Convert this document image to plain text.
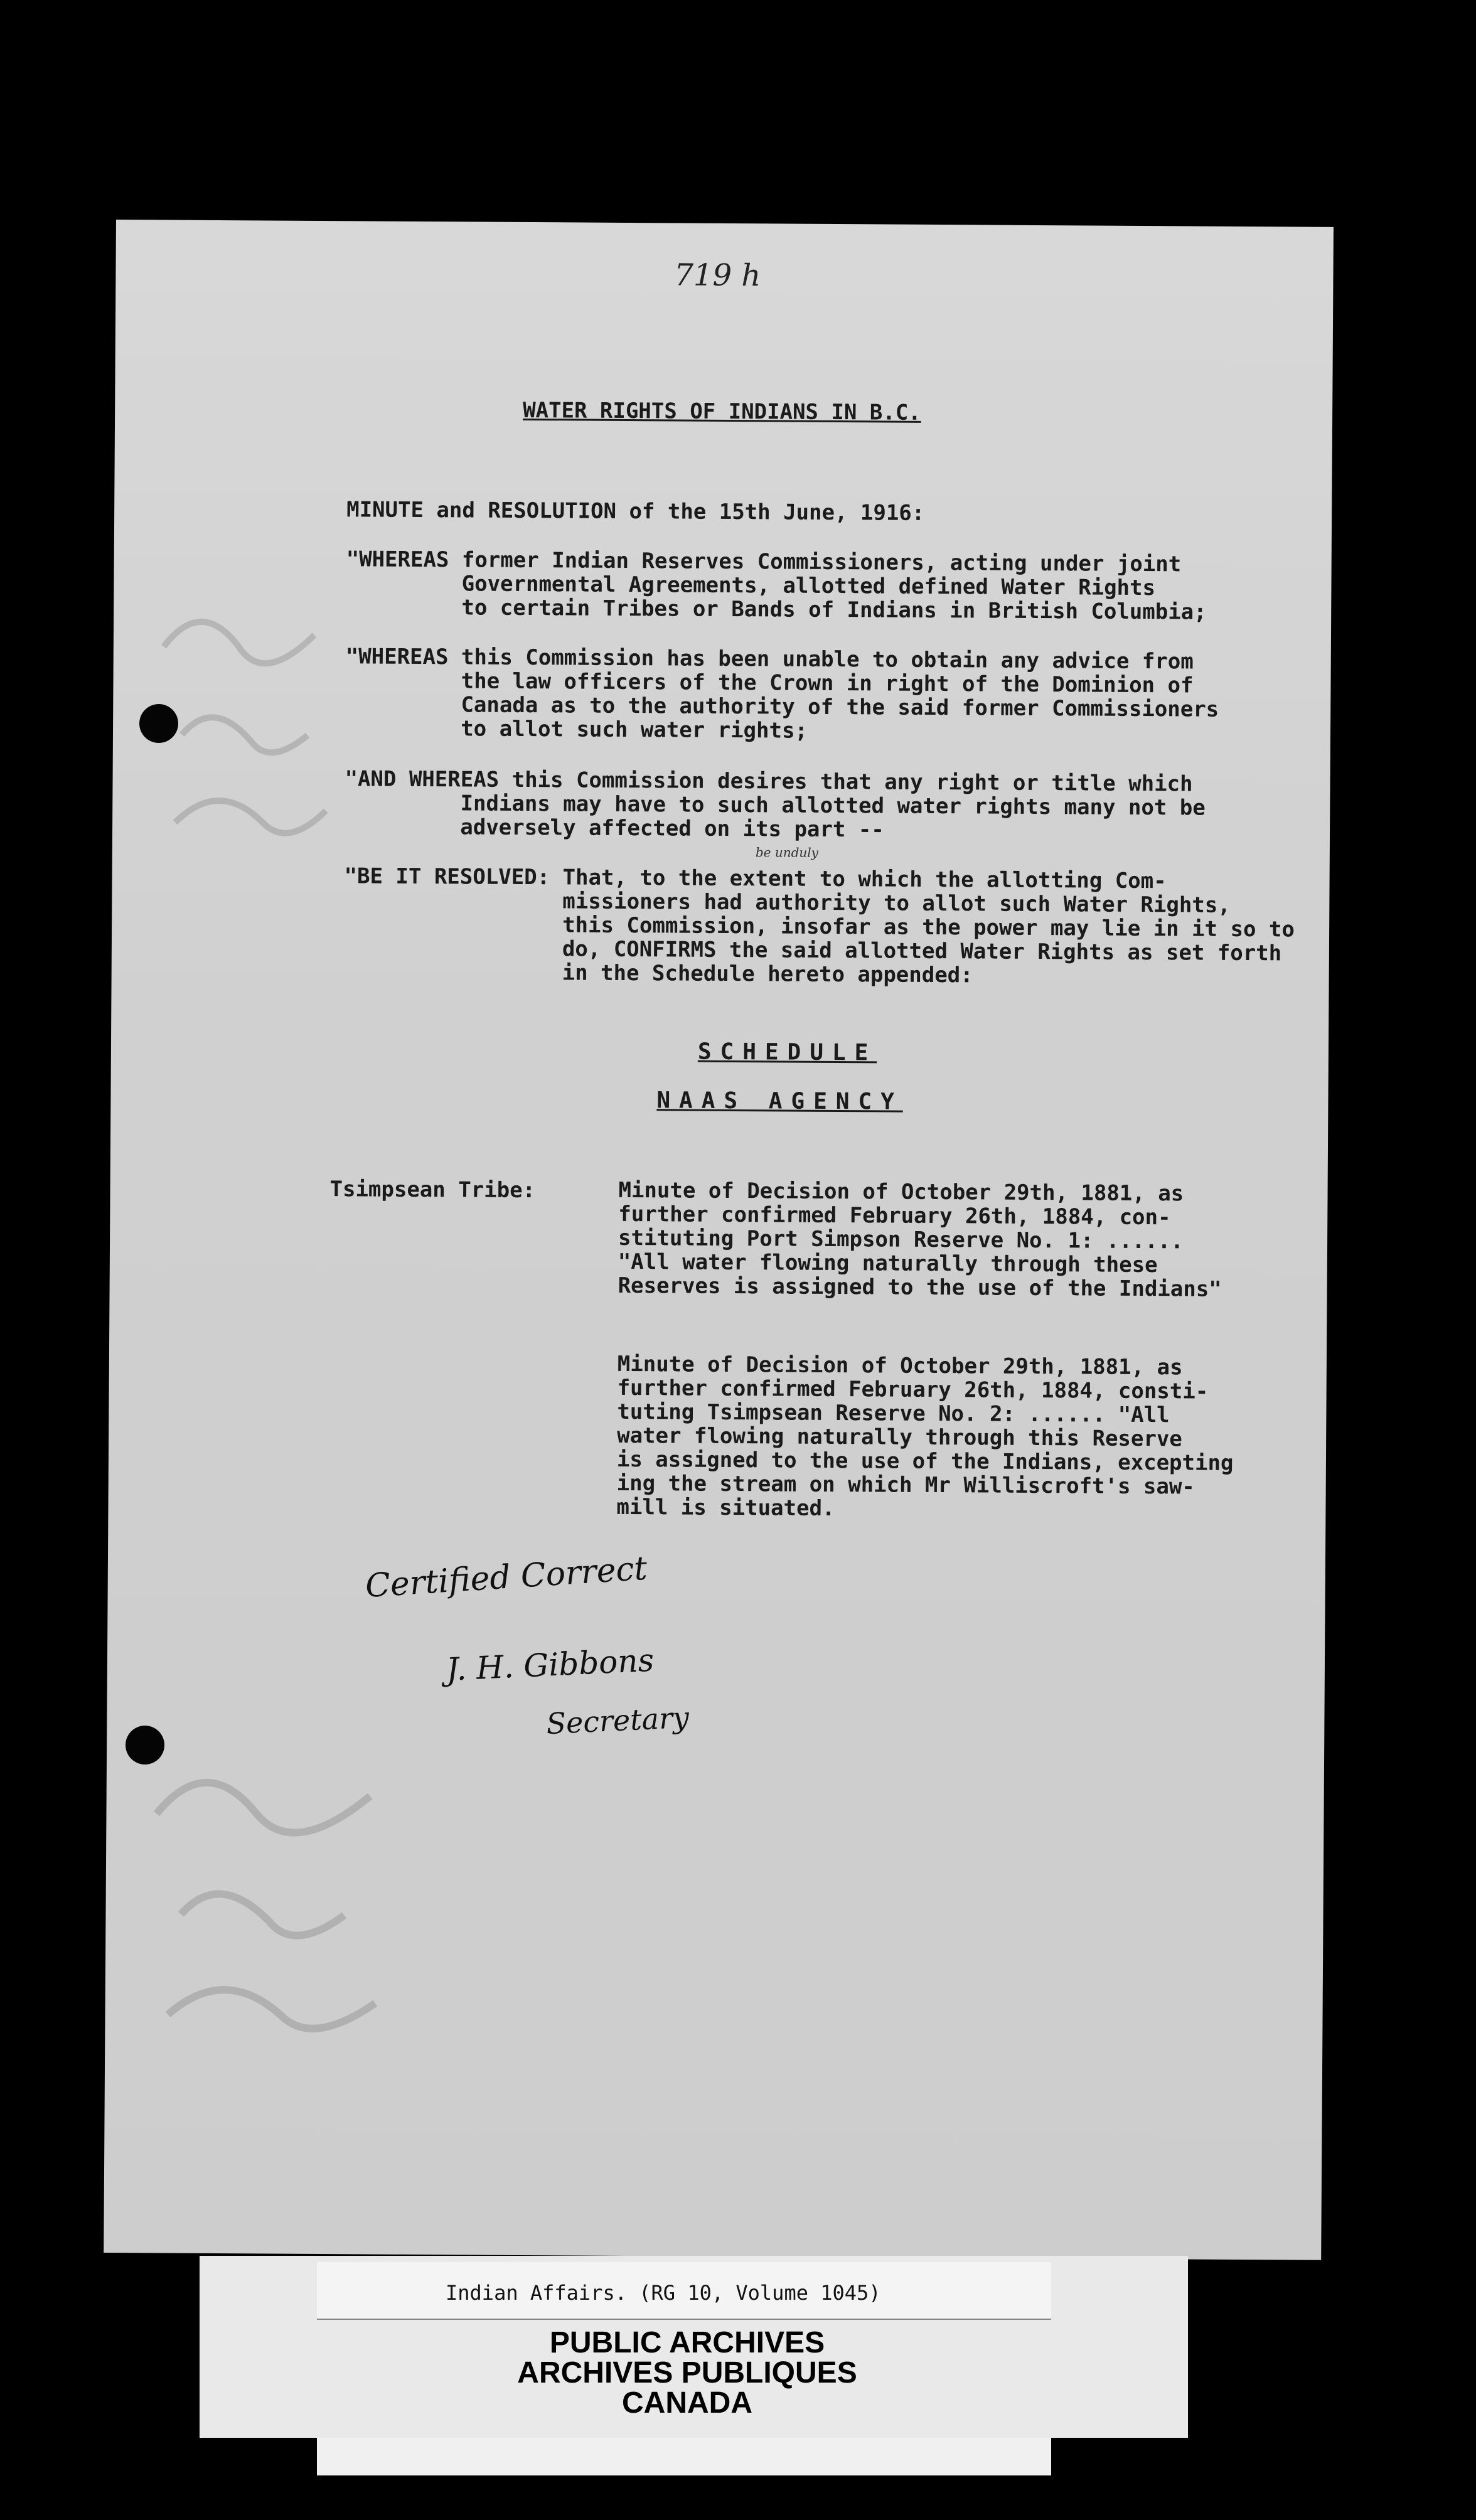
719 h
WATER RIGHTS OF INDIANS IN B.C.
MINUTE and RESOLUTION of the 15th June, 1916:
"WHEREAS former Indian Reserves Commissioners, acting under joint
Governmental Agreements, allotted defined Water Rights
to certain Tribes or Bands of Indians in British Columbia;
"WHEREAS this Commission has been unable to obtain any advice from
the law officers of the Crown in right of the Dominion of
Canada as to the authority of the said former Commissioners
to allot such water rights;
"AND WHEREAS this Commission desires that any right or title which
Indians may have to such allotted water rights many not be
adversely affected on its part --
be unduly
"BE IT RESOLVED: That, to the extent to which the allotting Com-
missioners had authority to allot such Water Rights,
this Commission, insofar as the power may lie in it so to
do, CONFIRMS the said allotted Water Rights as set forth
in the Schedule hereto appended:
SCHEDULE
NAAS AGENCY
Tsimpsean Tribe:	Minute of Decision of October 29th, 1881, as
further confirmed February 26th, 1884, con-
stituting Port Simpson Reserve No. 1: ......
"All water flowing naturally through these
Reserves is assigned to the use of the Indians"
Minute of Decision of October 29th, 1881, as
further confirmed February 26th, 1884, consti-
tuting Tsimpsean Reserve No. 2: ...... "All
water flowing naturally through this Reserve
is assigned to the use of the Indians, excepting
ing the stream on which Mr Williscroft's saw-
mill is situated.
Certified Correct
J. H. Gibbons
Secretary
Indian Affairs. (RG 10, Volume 1045)
PUBLIC ARCHIVES
ARCHIVES PUBLIQUES
CANADA
